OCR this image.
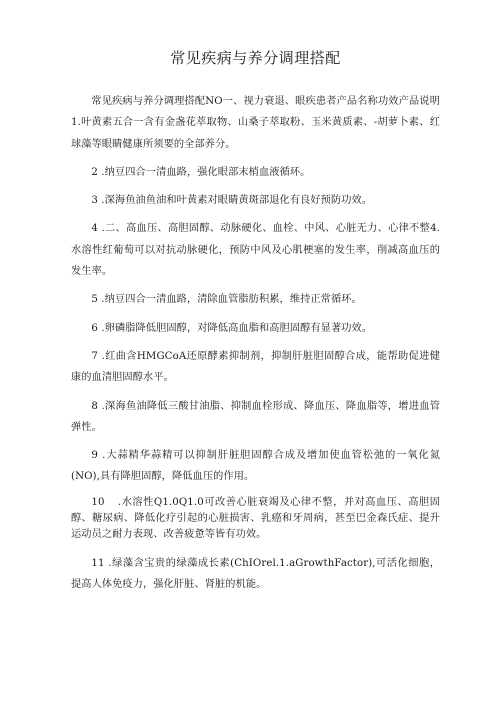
常见疾病与养分调理搭配

常见疾病与养分调理搭配NO一、视力衰退、眼疾患者产品名称功效产品说明1.叶黄素五合一含有金盏花萃取物、山桑子萃取粉、玉米黄质素、-胡萝卜素、红球藻等眼睛健康所须要的全部养分。

2 .纳豆四合一清血路，强化眼部末梢血液循环。

3 .深海鱼油鱼油和叶黄素对眼睛黄斑部退化有良好预防功效。

4 .二、高血压、高胆固醇、动脉硬化、血栓、中风、心脏无力、心律不整4.水溶性红葡萄可以对抗动脉硬化，预防中风及心肌梗塞的发生率，削减高血压的发生率。

5 .纳豆四合一清血路，清除血管脂肪积累，维持正常循环。

6 .卵磷脂降低胆固醇，对降低高血脂和高胆固醇有显著功效。

7 .红曲含HMGCoA还原酵素抑制剂，抑制肝脏胆固醇合成，能帮助促进健康的血清胆固醇水平。

8 .深海鱼油降低三酸甘油脂、抑制血栓形成、降血压、降血脂等，增进血管弹性。

9 .大蒜精华蒜精可以抑制肝脏胆固醇合成及增加使血管松弛的一氧化氮(NO),具有降胆固醇，降低血压的作用。

10 .水溶性Q1.0Q1.0可改善心脏衰竭及心律不整，并对高血压、高胆固醇、糖尿病、降低化疗引起的心脏损害、乳癌和牙周病，甚至巴金森氏症、提升运动员之耐力表现、改善疲惫等皆有功效。

11 .绿藻含宝贵的绿藻成长素(ChIOrel.1.aGrowthFactor),可活化细胞，提高人体免疫力，强化肝脏、肾脏的机能。
